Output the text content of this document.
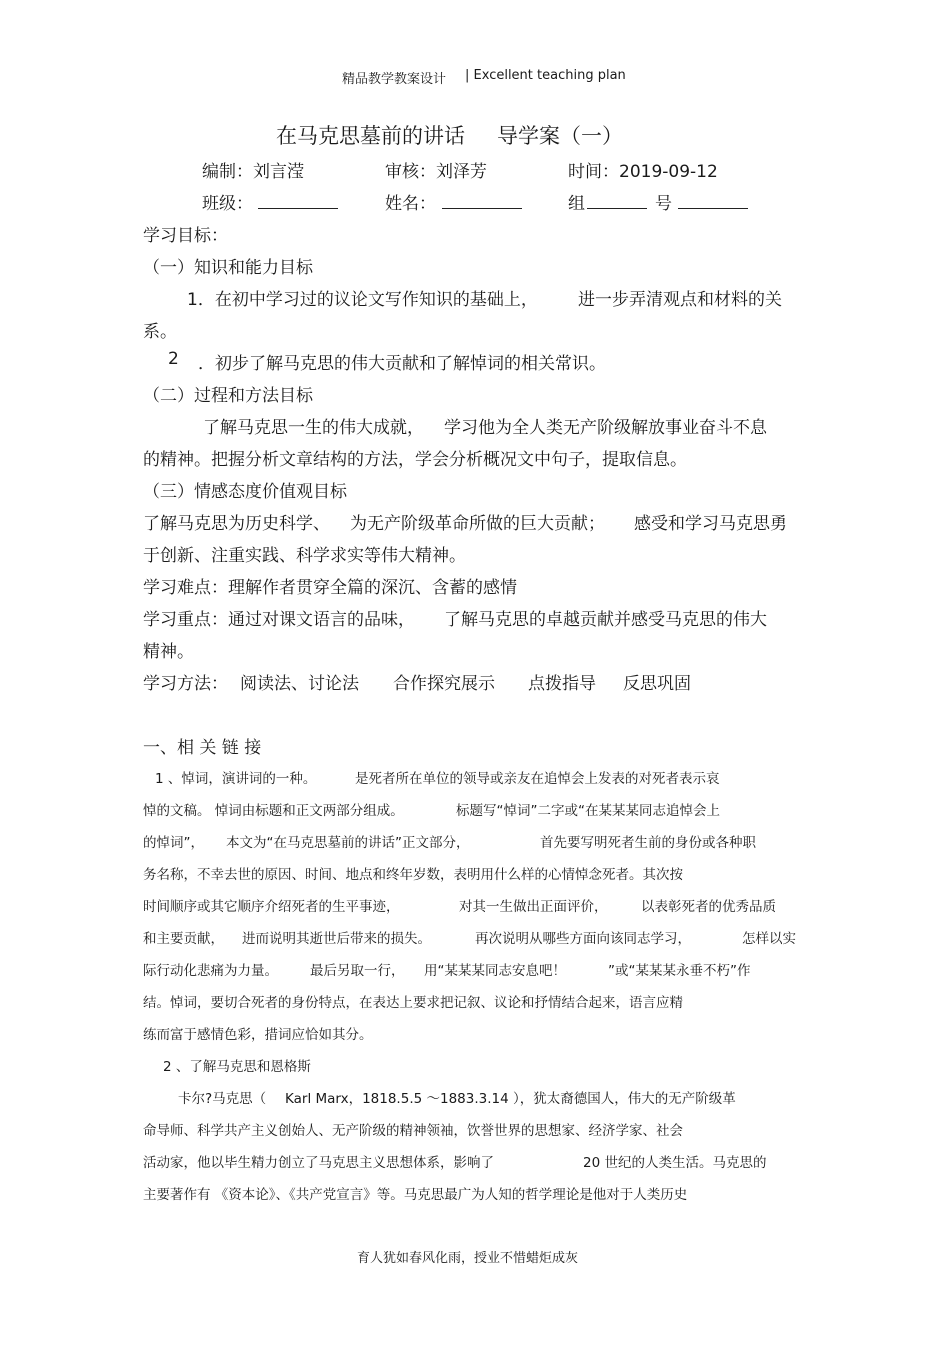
精品教学教案设计 | Excellent teaching plan
在马克思墓前的讲话 导学案（一）
编制：刘言滢	审核：刘泽芳	时间：2019-09-12
班级：	姓名：	组	号
学习目标：
（一）知识和能力目标
1．在初中学习过的议论文写作知识的基础上， 进一步弄清观点和材料的关
系。
2 ．初步了解马克思的伟大贡献和了解悼词的相关常识。
（二）过程和方法目标
了解马克思一生的伟大成就， 学习他为全人类无产阶级解放事业奋斗不息
的精神。把握分析文章结构的方法，学会分析概况文中句子，提取信息。
（三）情感态度价值观目标
了解马克思为历史科学、 为无产阶级革命所做的巨大贡献； 感受和学习马克思勇
于创新、注重实践、科学求实等伟大精神。
学习难点：理解作者贯穿全篇的深沉、含蓄的感情
学习重点：通过对课文语言的品味， 了解马克思的卓越贡献并感受马克思的伟大
精神。
学习方法： 阅读法、讨论法 合作探究展示 点拨指导 反思巩固
一、相 关 链 接
1 、悼词，演讲词的一种。	是死者所在单位的领导或亲友在追悼会上发表的对死者表示哀
悼的文稿。 悼词由标题和正文两部分组成。	标题写“悼词”二字或“在某某某同志追悼会上
的悼词”， 本文为“在马克思墓前的讲话”正文部分，	首先要写明死者生前的身份或各种职
务名称，不幸去世的原因、时间、地点和终年岁数，表明用什么样的心情悼念死者。其次按
时间顺序或其它顺序介绍死者的生平事迹，	对其一生做出正面评价， 以表彰死者的优秀品质
和主要贡献， 进而说明其逝世后带来的损失。	再次说明从哪些方面向该同志学习，	怎样以实
际行动化悲痛为力量。 最后另取一行， 用“某某某同志安息吧！	”或“某某某永垂不朽”作
结。悼词，要切合死者的身份特点，在表达上要求把记叙、议论和抒情结合起来，语言应精
练而富于感情色彩，措词应恰如其分。
2 、了解马克思和恩格斯
卡尔?马克思（ Karl Marx，1818.5.5 ～1883.3.14 ），犹太裔德国人，伟大的无产阶级革
命导师、科学共产主义创始人、无产阶级的精神领袖，饮誉世界的思想家、经济学家、社会
活动家，他以毕生精力创立了马克思主义思想体系，影响了	20 世纪的人类生活。马克思的
主要著作有 《资本论》、《共产党宣言》等。马克思最广为人知的哲学理论是他对于人类历史
育人犹如春风化雨，授业不惜蜡炬成灰
